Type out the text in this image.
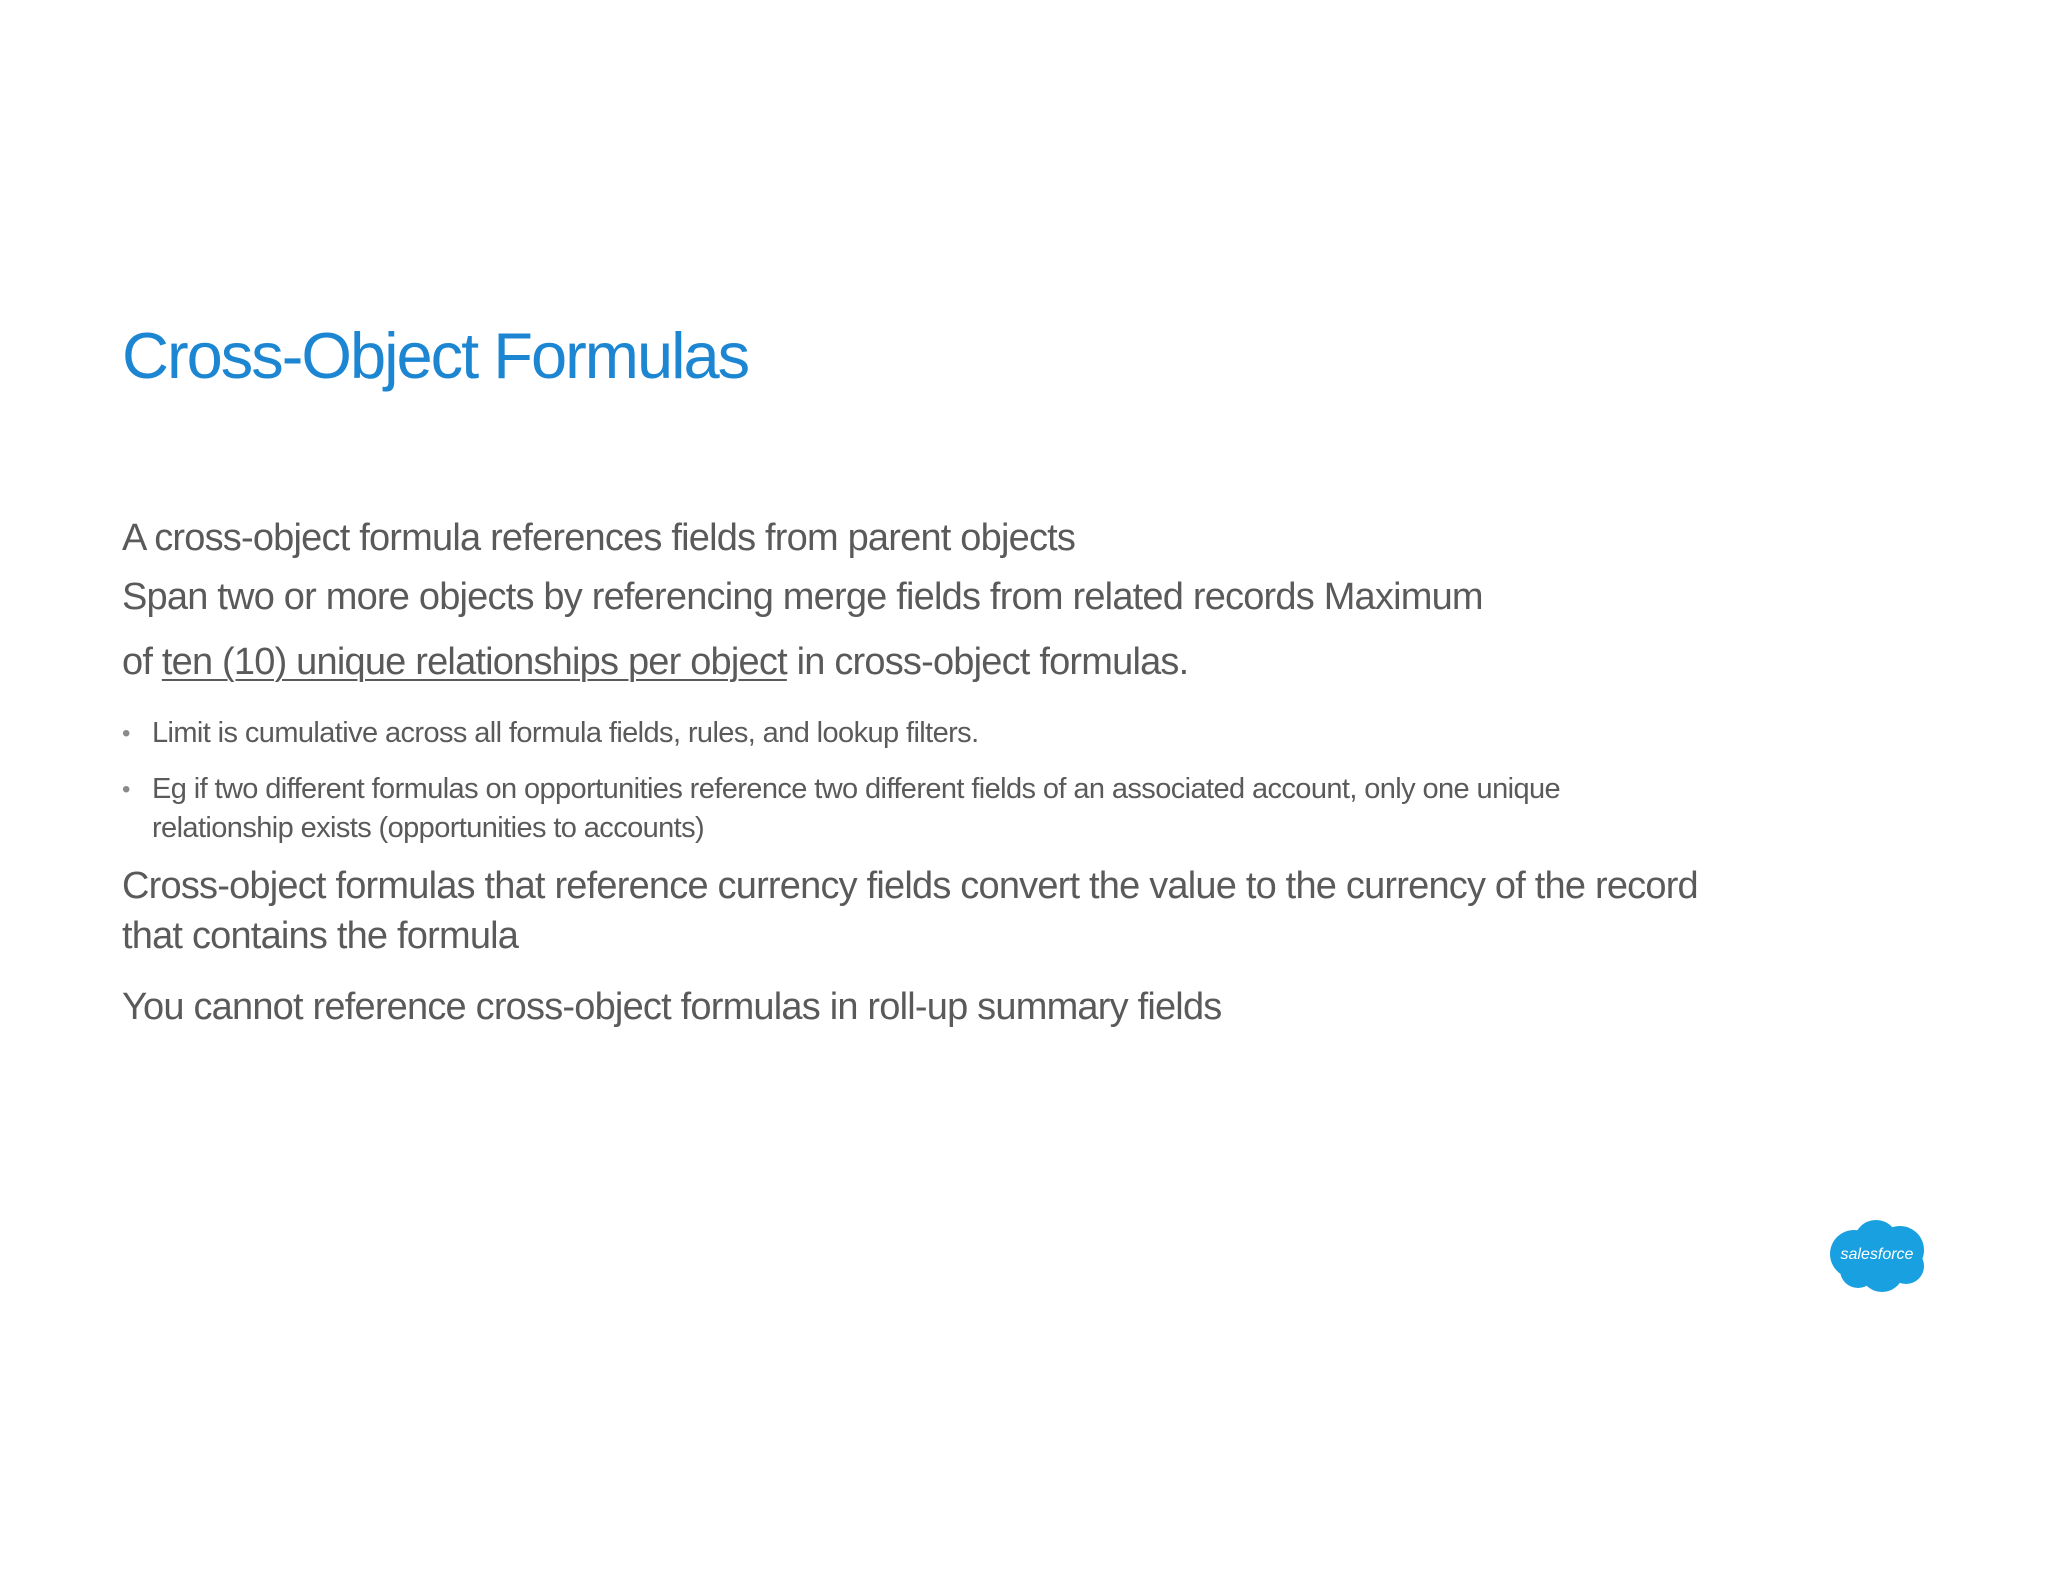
Cross-Object Formulas

A cross-object formula references fields from parent objects

Span two or more objects by referencing merge fields from related records Maximum

of ten (10) unique relationships per object in cross-object formulas.

• Limit is cumulative across all formula fields, rules, and lookup filters.

• Eg if two different formulas on opportunities reference two different fields of an associated account, only one unique

relationship exists (opportunities to accounts)

Cross-object formulas that reference currency fields convert the value to the currency of the record

that contains the formula

You cannot reference cross-object formulas in roll-up summary fields

salesforce
